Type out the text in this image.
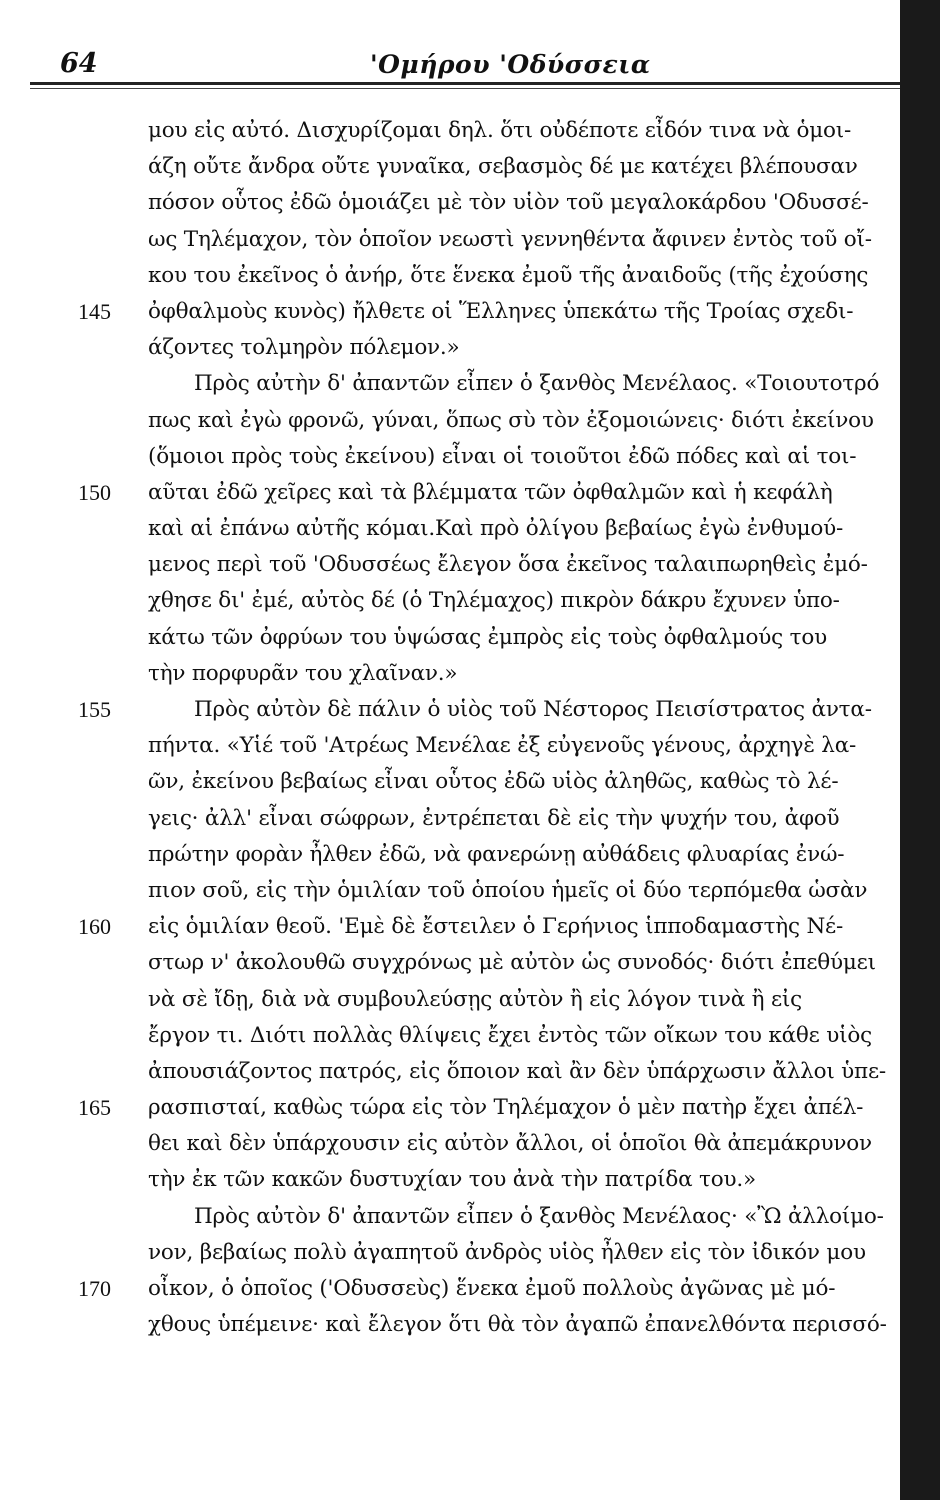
64	'Ομήρου 'Οδύσσεια
μου εἰς αὐτό. Δισχυρίζομαι δηλ. ὅτι οὐδέποτε εἶδόν τινα νὰ ὁμοι-
άζη οὔτε ἄνδρα οὔτε γυναῖκα, σεβασμὸς δέ με κατέχει βλέπουσαν
πόσον οὗτος ἐδῶ ὁμοιάζει μὲ τὸν υἱὸν τοῦ μεγαλοκάρδου 'Οδυσσέ-
ως Τηλέμαχον, τὸν ὁποῖον νεωστὶ γεννηθέντα ἄφινεν ἐντὸς τοῦ οἴ-
κου του ἐκεῖνος ὁ ἀνήρ, ὅτε ἕνεκα ἐμοῦ τῆς ἀναιδοῦς (τῆς ἐχούσης
ὀφθαλμοὺς κυνὸς) ἤλθετε οἱ Ἕλληνες ὑπεκάτω τῆς Τροίας σχεδι-
άζοντες τολμηρὸν πόλεμον.»
Πρὸς αὐτὴν δ' ἀπαντῶν εἶπεν ὁ ξανθὸς Μενέλαος. «Τοιουτοτρό
πως καὶ ἐγὼ φρονῶ, γύναι, ὅπως σὺ τὸν ἐξομοιώνεις· διότι ἐκείνου
(ὅμοιοι πρὸς τοὺς ἐκείνου) εἶναι οἱ τοιοῦτοι ἐδῶ πόδες καὶ αἱ τοι-
αῦται ἐδῶ χεῖρες καὶ τὰ βλέμματα τῶν ὀφθαλμῶν καὶ ἡ κεφάλὴ
καὶ αἱ ἐπάνω αὐτῆς κόμαι.Καὶ πρὸ ὀλίγου βεβαίως ἐγὼ ἐνθυμού-
μενος περὶ τοῦ 'Οδυσσέως ἔλεγον ὅσα ἐκεῖνος ταλαιπωρηθεὶς ἐμό-
χθησε δι' ἐμέ, αὐτὸς δέ (ὁ Τηλέμαχος) πικρὸν δάκρυ ἔχυνεν ὑπο-
κάτω τῶν ὀφρύων του ὑψώσας ἐμπρὸς εἰς τοὺς ὀφθαλμούς του
τὴν πορφυρᾶν του χλαῖναν.»
Πρὸς αὐτὸν δὲ πάλιν ὁ υἱὸς τοῦ Νέστορος Πεισίστρατος ἀντα-
πήντα. «Υἱέ τοῦ 'Ατρέως Μενέλαε ἐξ εὐγενοῦς γένους, ἀρχηγὲ λα-
ῶν, ἐκείνου βεβαίως εἶναι οὗτος ἐδῶ υἱὸς ἀληθῶς, καθὼς τὸ λέ-
γεις· ἀλλ' εἶναι σώφρων, ἐντρέπεται δὲ εἰς τὴν ψυχήν του, ἀφοῦ
πρώτην φορὰν ἦλθεν ἐδῶ, νὰ φανερώνῃ αὐθάδεις φλυαρίας ἐνώ-
πιον σοῦ, εἰς τὴν ὁμιλίαν τοῦ ὁποίου ἡμεῖς οἱ δύο τερπόμεθα ὡσὰν
εἰς ὁμιλίαν θεοῦ. 'Εμὲ δὲ ἔστειλεν ὁ Γερήνιος ἱπποδαμαστὴς Νέ-
στωρ ν' ἀκολουθῶ συγχρόνως μὲ αὐτὸν ὡς συνοδός· διότι ἐπεθύμει
νὰ σὲ ἴδῃ, διὰ νὰ συμβουλεύσῃς αὐτὸν ἢ εἰς λόγον τινὰ ἢ εἰς
ἔργον τι. Διότι πολλὰς θλίψεις ἔχει ἐντὸς τῶν οἴκων του κάθε υἱὸς
ἀπουσιάζοντος πατρός, εἰς ὅποιον καὶ ἂν δὲν ὑπάρχωσιν ἄλλοι ὑπε-
ρασπισταί, καθὼς τώρα εἰς τὸν Τηλέμαχον ὁ μὲν πατὴρ ἔχει ἀπέλ-
θει καὶ δὲν ὑπάρχουσιν εἰς αὐτὸν ἄλλοι, οἱ ὁποῖοι θὰ ἀπεμάκρυνον
τὴν ἐκ τῶν κακῶν δυστυχίαν του ἀνὰ τὴν πατρίδα του.»
Πρὸς αὐτὸν δ' ἀπαντῶν εἶπεν ὁ ξανθὸς Μενέλαος· «Ὢ ἀλλοίμο-
νον, βεβαίως πολὺ ἀγαπητοῦ ἀνδρὸς υἱὸς ἦλθεν εἰς τὸν ἰδικόν μου
οἶκον, ὁ ὁποῖος ('Οδυσσεὺς) ἕνεκα ἐμοῦ πολλοὺς ἀγῶνας μὲ μό-
χθους ὑπέμεινε· καὶ ἔλεγον ὅτι θὰ τὸν ἀγαπῶ ἐπανελθόντα περισσό-
145
150
155
160
165
170
